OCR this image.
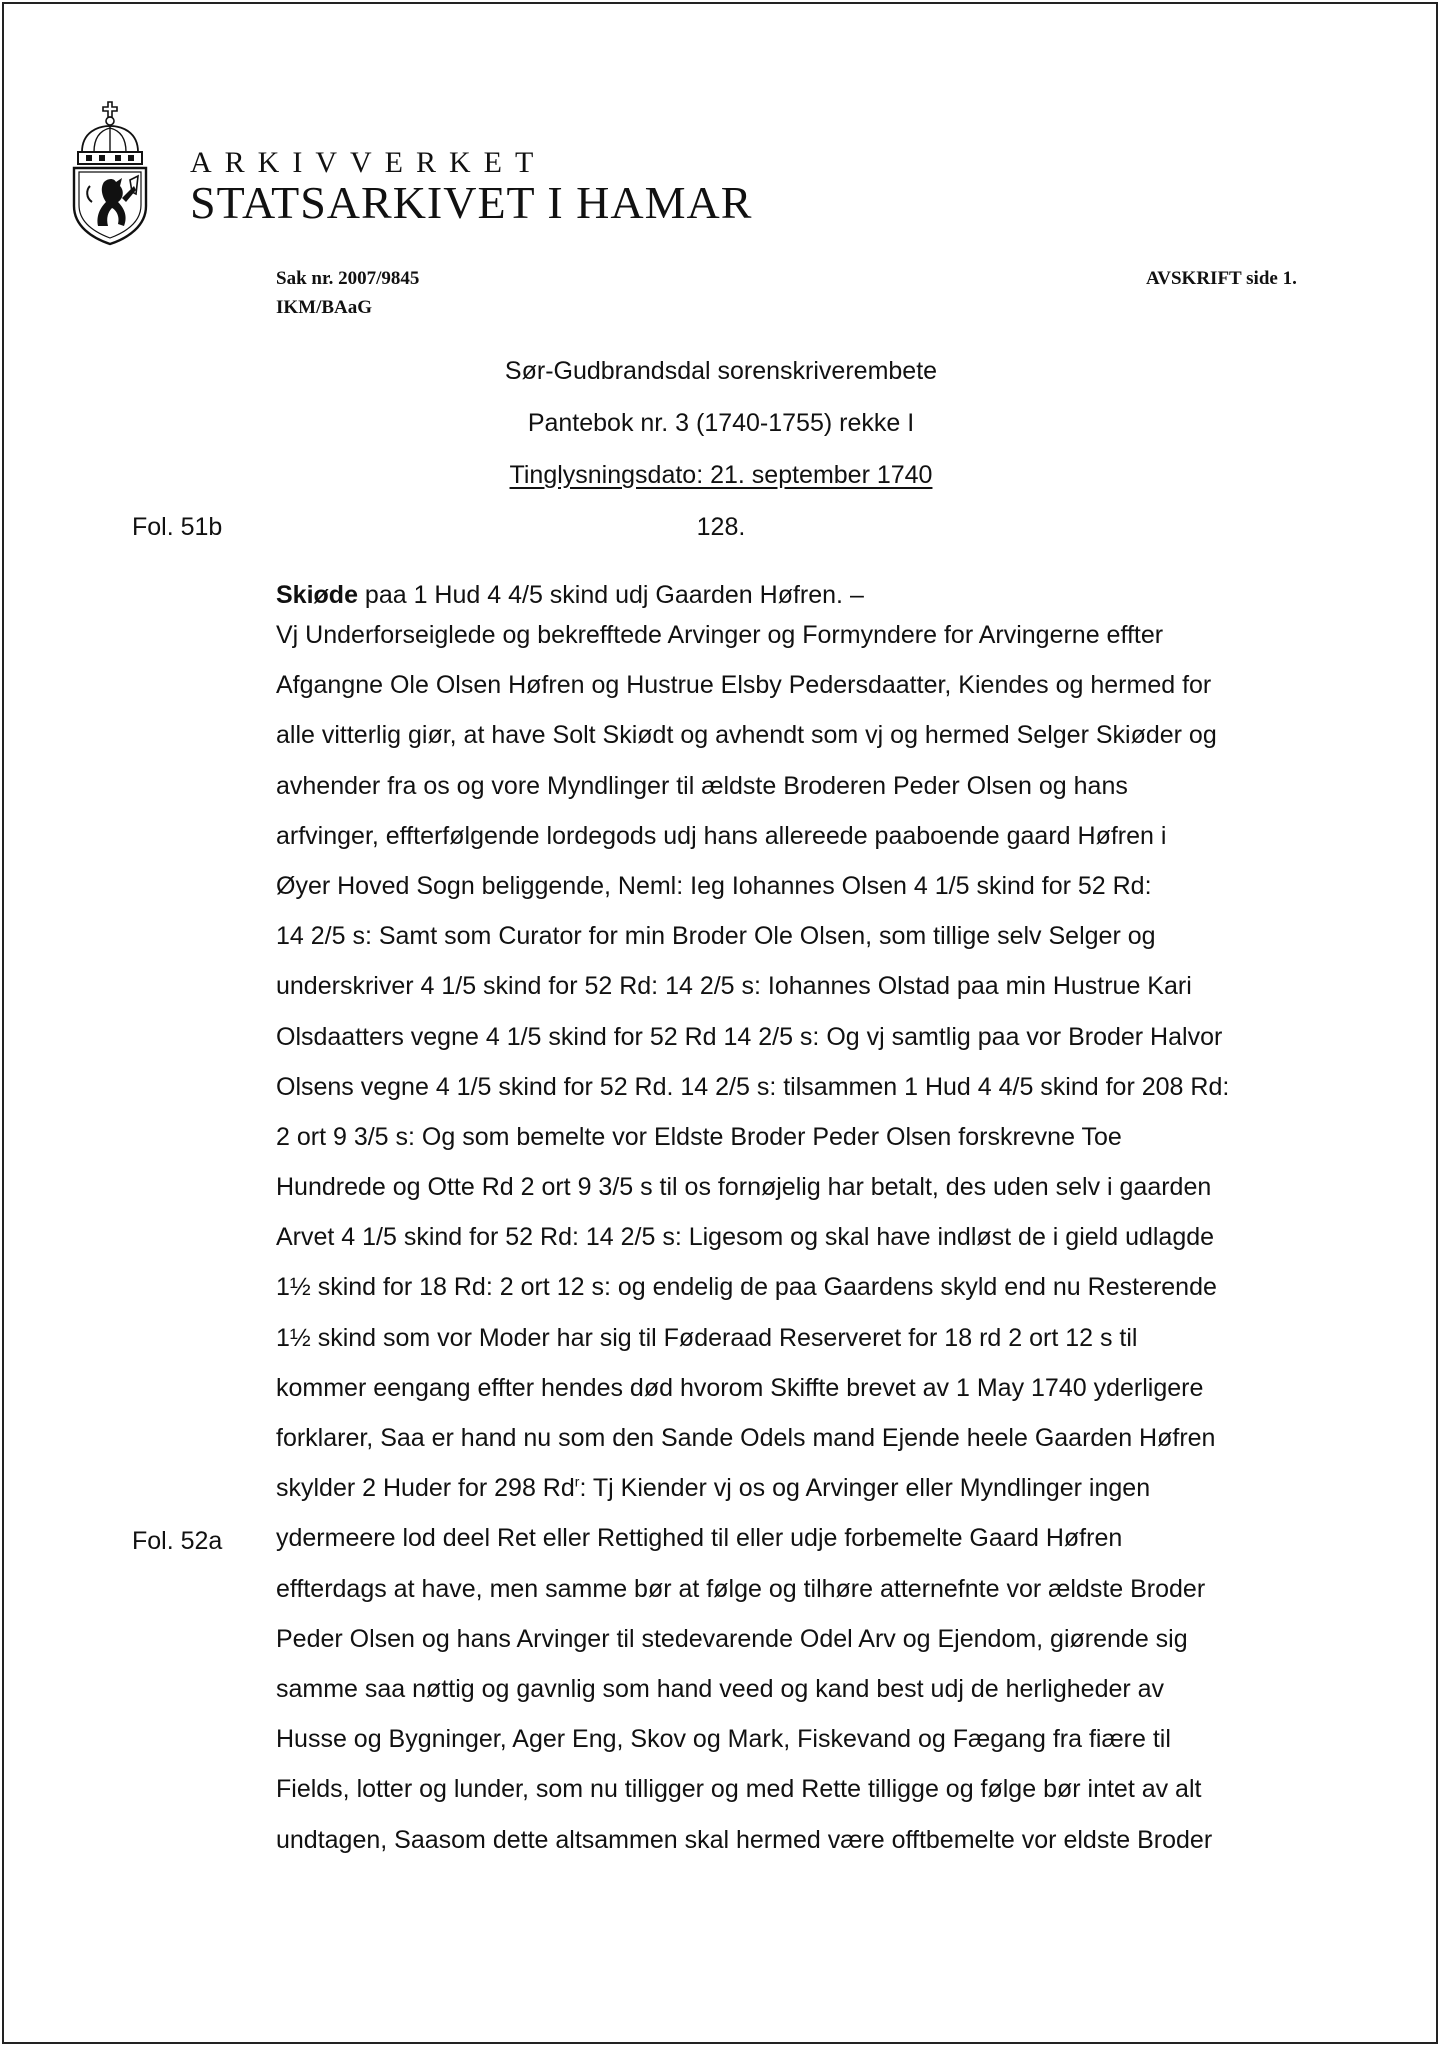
ARKIVVERKET
STATSARKIVET I HAMAR
Sak nr. 2007/9845
IKM/BAaG
AVSKRIFT side 1.
Sør-Gudbrandsdal sorenskriverembete
Pantebok nr. 3 (1740-1755) rekke I
Tinglysningsdato: 21. september 1740
128.
Fol. 51b
Fol. 52a
Skiøde paa 1 Hud 4 4/5 skind udj Gaarden Høfren. –
Vj Underforseiglede og bekrefftede Arvinger og Formyndere for Arvingerne effter
Afgangne Ole Olsen Høfren og Hustrue Elsby Pedersdaatter, Kiendes og hermed for
alle vitterlig giør, at have Solt Skiødt og avhendt som vj og hermed Selger Skiøder og
avhender fra os og vore Myndlinger til ældste Broderen Peder Olsen og hans
arfvinger, effterfølgende lordegods udj hans allereede paaboende gaard Høfren i
Øyer Hoved Sogn beliggende, Neml: Ieg Iohannes Olsen 4 1/5 skind for 52 Rd:
14 2/5 s: Samt som Curator for min Broder Ole Olsen, som tillige selv Selger og
underskriver 4 1/5 skind for 52 Rd: 14 2/5 s: Iohannes Olstad paa min Hustrue Kari
Olsdaatters vegne 4 1/5 skind for 52 Rd 14 2/5 s: Og vj samtlig paa vor Broder Halvor
Olsens vegne 4 1/5 skind for 52 Rd. 14 2/5 s: tilsammen 1 Hud 4 4/5 skind for 208 Rd:
2 ort 9 3/5 s: Og som bemelte vor Eldste Broder Peder Olsen forskrevne Toe
Hundrede og Otte Rd 2 ort 9 3/5 s til os fornøjelig har betalt, des uden selv i gaarden
Arvet 4 1/5 skind for 52 Rd: 14 2/5 s: Ligesom og skal have indløst de i gield udlagde
1½ skind for 18 Rd: 2 ort 12 s: og endelig de paa Gaardens skyld end nu Resterende
1½ skind som vor Moder har sig til Føderaad Reserveret for 18 rd 2 ort 12 s til
kommer eengang effter hendes død hvorom Skiffte brevet av 1 May 1740 yderligere
forklarer, Saa er hand nu som den Sande Odels mand Ejende heele Gaarden Høfren
skylder 2 Huder for 298 Rd$^r$: Tj Kiender vj os og Arvinger eller Myndlinger ingen
ydermeere lod deel Ret eller Rettighed til eller udje forbemelte Gaard Høfren
effterdags at have, men samme bør at følge og tilhøre atternefnte vor ældste Broder
Peder Olsen og hans Arvinger til stedevarende Odel Arv og Ejendom, giørende sig
samme saa nøttig og gavnlig som hand veed og kand best udj de herligheder av
Husse og Bygninger, Ager Eng, Skov og Mark, Fiskevand og Fægang fra fiære til
Fields, lotter og lunder, som nu tilligger og med Rette tilligge og følge bør intet av alt
undtagen, Saasom dette altsammen skal hermed være offtbemelte vor eldste Broder
